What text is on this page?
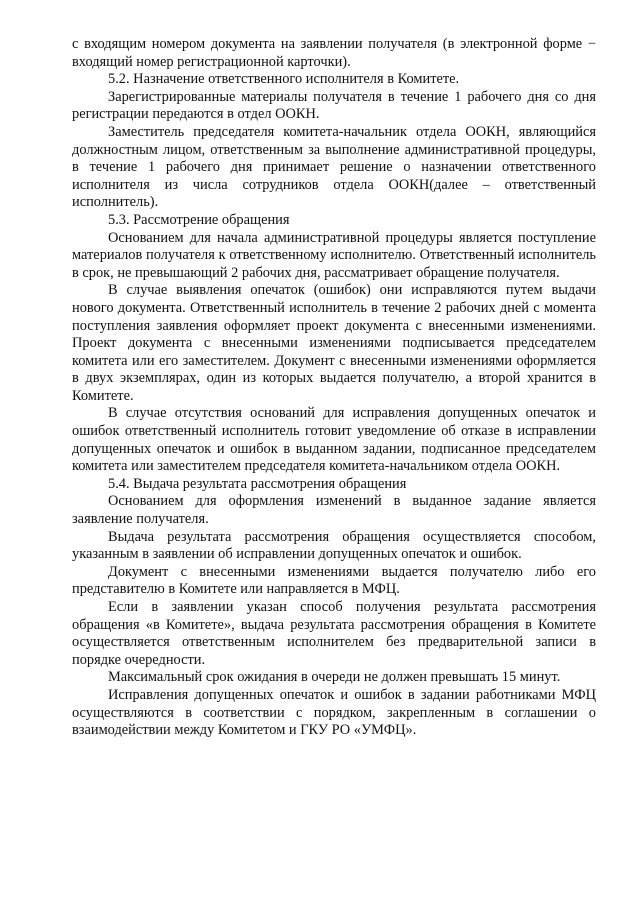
с входящим номером документа на заявлении получателя (в электронной форме − входящий номер регистрационной карточки).

5.2. Назначение ответственного исполнителя в Комитете.

Зарегистрированные материалы получателя в течение 1 рабочего дня со дня регистрации передаются в отдел ООКН.

Заместитель председателя комитета-начальник отдела ООКН, являющийся должностным лицом, ответственным за выполнение административной процедуры, в течение 1 рабочего дня принимает решение о назначении ответственного исполнителя из числа сотрудников отдела ООКН(далее – ответственный исполнитель).

5.3. Рассмотрение обращения

Основанием для начала административной процедуры является поступление материалов получателя к ответственному исполнителю. Ответственный исполнитель в срок, не превышающий 2 рабочих дня, рассматривает обращение получателя.

В случае выявления опечаток (ошибок) они исправляются путем выдачи нового документа. Ответственный исполнитель в течение 2 рабочих дней с момента поступления заявления оформляет проект документа с внесенными изменениями. Проект документа с внесенными изменениями подписывается председателем комитета или его заместителем. Документ с внесенными изменениями оформляется в двух экземплярах, один из которых выдается получателю, а второй хранится в Комитете.

В случае отсутствия оснований для исправления допущенных опечаток и ошибок ответственный исполнитель готовит уведомление об отказе в исправлении допущенных опечаток и ошибок в выданном задании, подписанное председателем комитета или заместителем председателя комитета-начальником отдела ООКН.

5.4. Выдача результата рассмотрения обращения

Основанием для оформления изменений в выданное задание является заявление получателя.

Выдача результата рассмотрения обращения осуществляется способом, указанным в заявлении об исправлении допущенных опечаток и ошибок.

Документ с внесенными изменениями выдается получателю либо его представителю в Комитете или направляется в МФЦ.

Если в заявлении указан способ получения результата рассмотрения обращения «в Комитете», выдача результата рассмотрения обращения в Комитете осуществляется ответственным исполнителем без предварительной записи в порядке очередности.

Максимальный срок ожидания в очереди не должен превышать 15 минут.

Исправления допущенных опечаток и ошибок в задании работниками МФЦ осуществляются в соответствии с порядком, закрепленным в соглашении о взаимодействии между Комитетом и ГКУ РО «УМФЦ».
